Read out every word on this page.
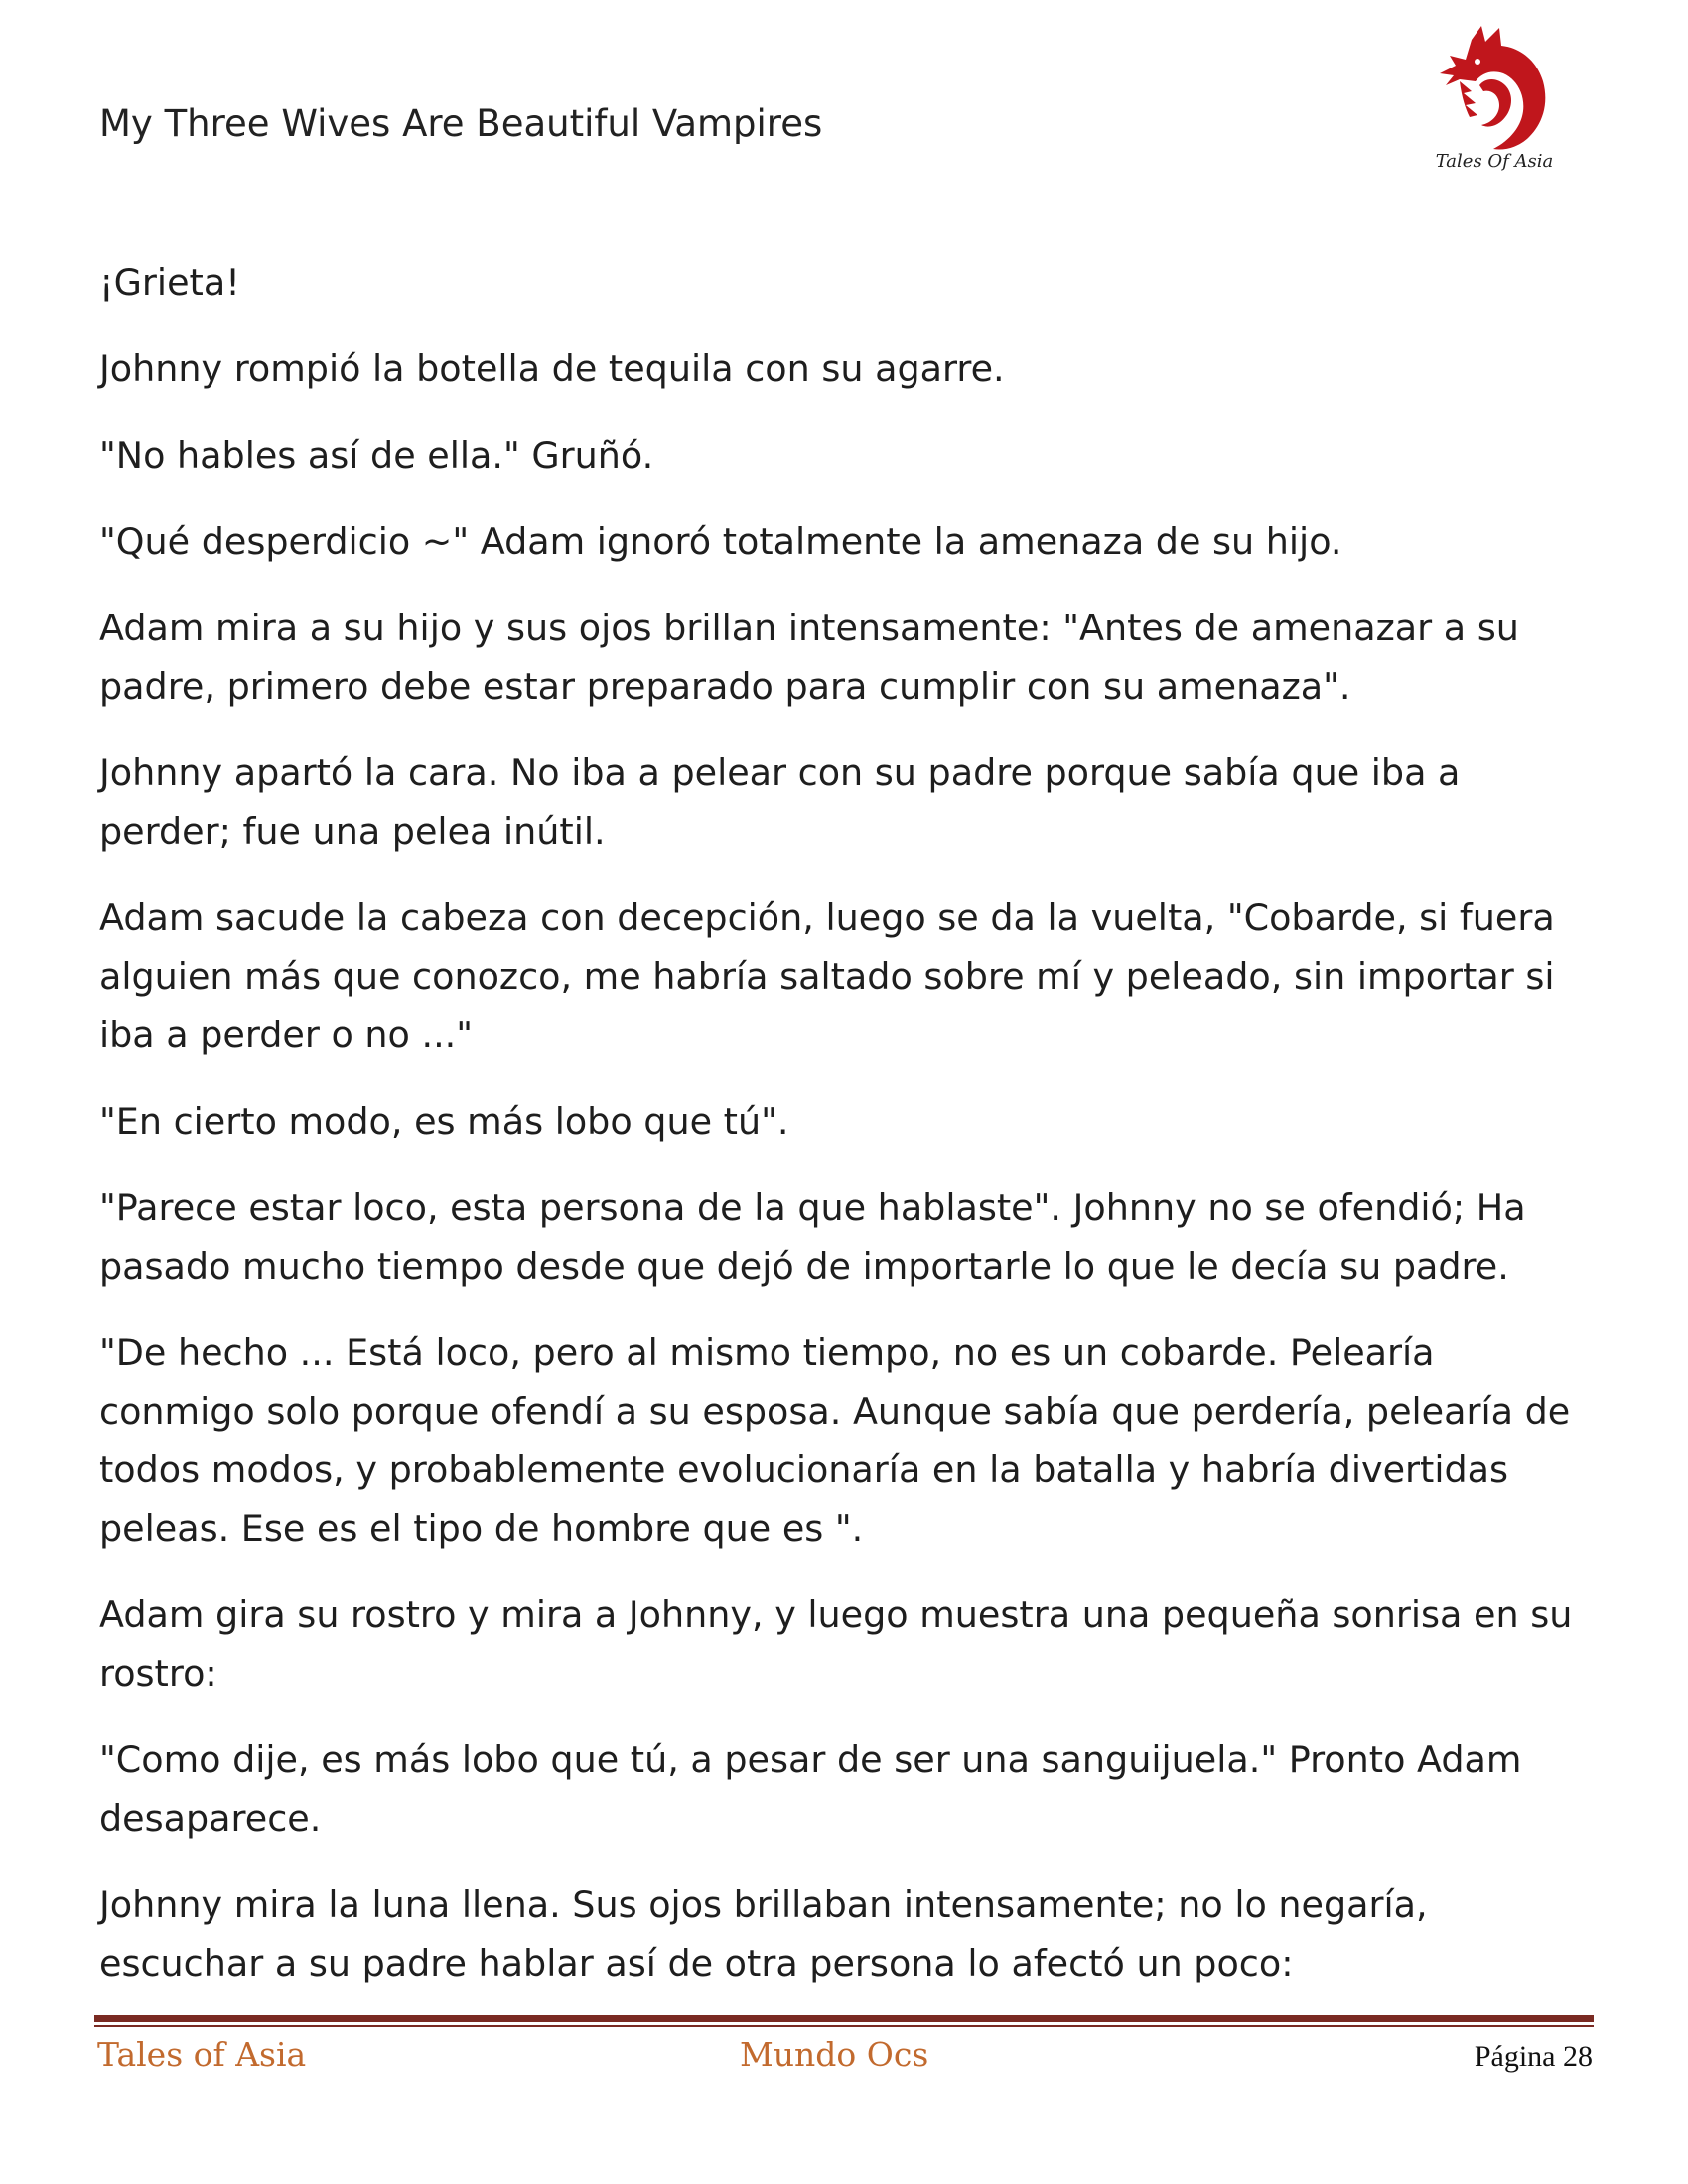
My Three Wives Are Beautiful Vampires
Tales Of Asia

¡Grieta!

Johnny rompió la botella de tequila con su agarre.

"No hables así de ella." Gruñó.

"Qué desperdicio ~" Adam ignoró totalmente la amenaza de su hijo.

Adam mira a su hijo y sus ojos brillan intensamente: "Antes de amenazar a su padre, primero debe estar preparado para cumplir con su amenaza".

Johnny apartó la cara. No iba a pelear con su padre porque sabía que iba a perder; fue una pelea inútil.

Adam sacude la cabeza con decepción, luego se da la vuelta, "Cobarde, si fuera alguien más que conozco, me habría saltado sobre mí y peleado, sin importar si iba a perder o no ..."

"En cierto modo, es más lobo que tú".

"Parece estar loco, esta persona de la que hablaste". Johnny no se ofendió; Ha pasado mucho tiempo desde que dejó de importarle lo que le decía su padre.

"De hecho ... Está loco, pero al mismo tiempo, no es un cobarde. Pelearía conmigo solo porque ofendí a su esposa. Aunque sabía que perdería, pelearía de todos modos, y probablemente evolucionaría en la batalla y habría divertidas peleas. Ese es el tipo de hombre que es ".

Adam gira su rostro y mira a Johnny, y luego muestra una pequeña sonrisa en su rostro:

"Como dije, es más lobo que tú, a pesar de ser una sanguijuela." Pronto Adam desaparece.

Johnny mira la luna llena. Sus ojos brillaban intensamente; no lo negaría, escuchar a su padre hablar así de otra persona lo afectó un poco:

Tales of Asia	Mundo Ocs	Página 28
